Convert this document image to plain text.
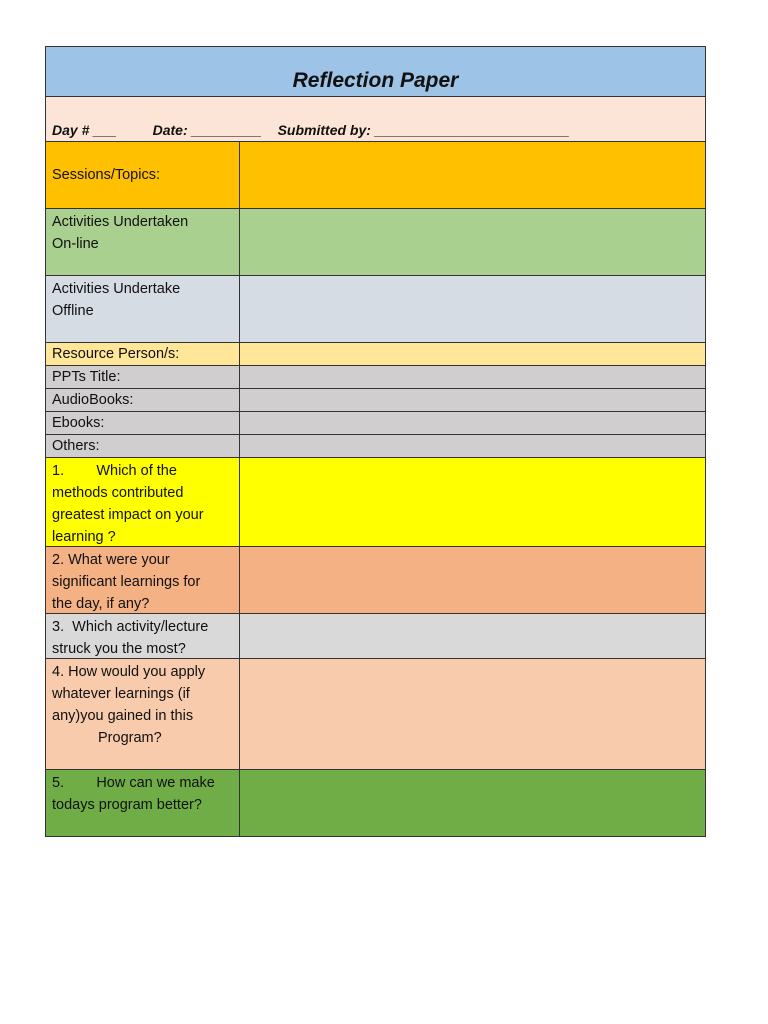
Reflection Paper
Day # ___	Date: _________ Submitted by: _________________________
Sessions/Topics:
Activities Undertaken
On-line
Activities Undertake
Offline
Resource Person/s:
PPTs Title:
AudioBooks:
Ebooks:
Others:
1.        Which of the
methods contributed
greatest impact on your
learning ?
2. What were your
significant learnings for
the day, if any?
3.  Which activity/lecture
struck you the most?
4. How would you apply
whatever learnings (if
any)you gained in this
Program?
5.        How can we make
todays program better?
